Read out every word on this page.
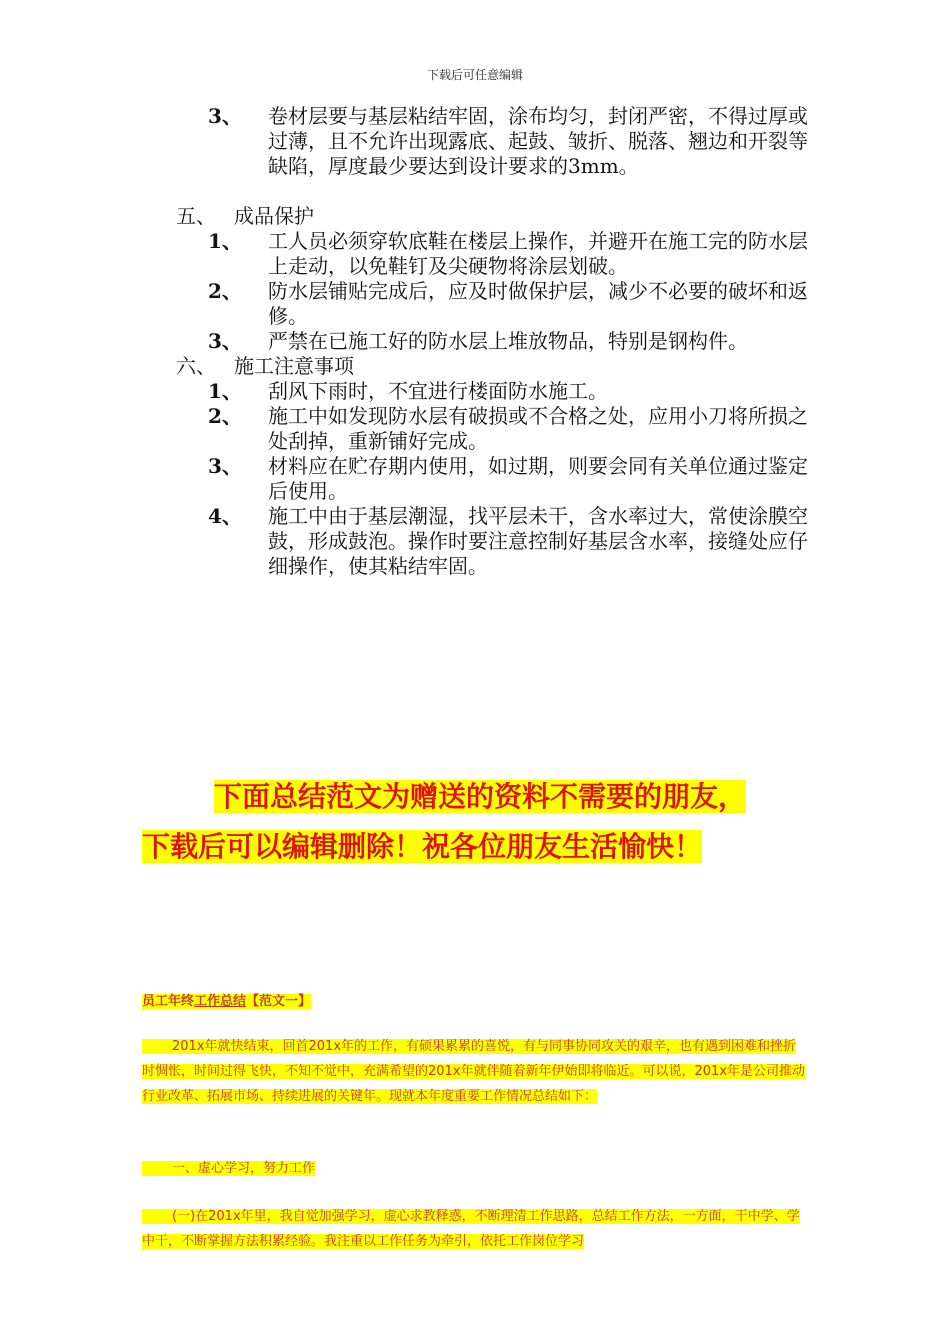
下载后可任意编辑
3、	卷材层要与基层粘结牢固，涂布均匀，封闭严密，不得过厚或过薄，且不允许出现露底、起鼓、皱折、脱落、翘边和开裂等缺陷，厚度最少要达到设计要求的3mm。
五、 成品保护
1、	工人员必须穿软底鞋在楼层上操作，并避开在施工完的防水层上走动，以免鞋钉及尖硬物将涂层划破。
2、	防水层铺贴完成后，应及时做保护层，减少不必要的破坏和返修。
3、	严禁在已施工好的防水层上堆放物品，特别是钢构件。
六、 施工注意事项
1、	刮风下雨时，不宜进行楼面防水施工。
2、	施工中如发现防水层有破损或不合格之处，应用小刀将所损之处刮掉，重新铺好完成。
3、	材料应在贮存期内使用，如过期，则要会同有关单位通过鉴定后使用。
4、	施工中由于基层潮湿，找平层未干，含水率过大，常使涂膜空鼓，形成鼓泡。操作时要注意控制好基层含水率，接缝处应仔细操作，使其粘结牢固。
下面总结范文为赠送的资料不需要的朋友，
下载后可以编辑删除！祝各位朋友生活愉快！
员工年终工作总结【范文一】
201x年就快结束，回首201x年的工作，有硕果累累的喜悦，有与同事协同攻关的艰辛，也有遇到困难和挫折时惆怅，时间过得飞快，不知不觉中，充满希望的201x年就伴随着新年伊始即将临近。可以说，201x年是公司推动行业改革、拓展市场、持续进展的关键年。现就本年度重要工作情况总结如下：
一、虚心学习，努力工作
(一)在201x年里，我自觉加强学习，虚心求教释惑，不断理清工作思路，总结工作方法，一方面，干中学、学中干，不断掌握方法积累经验。我注重以工作任务为牵引，依托工作岗位学习
